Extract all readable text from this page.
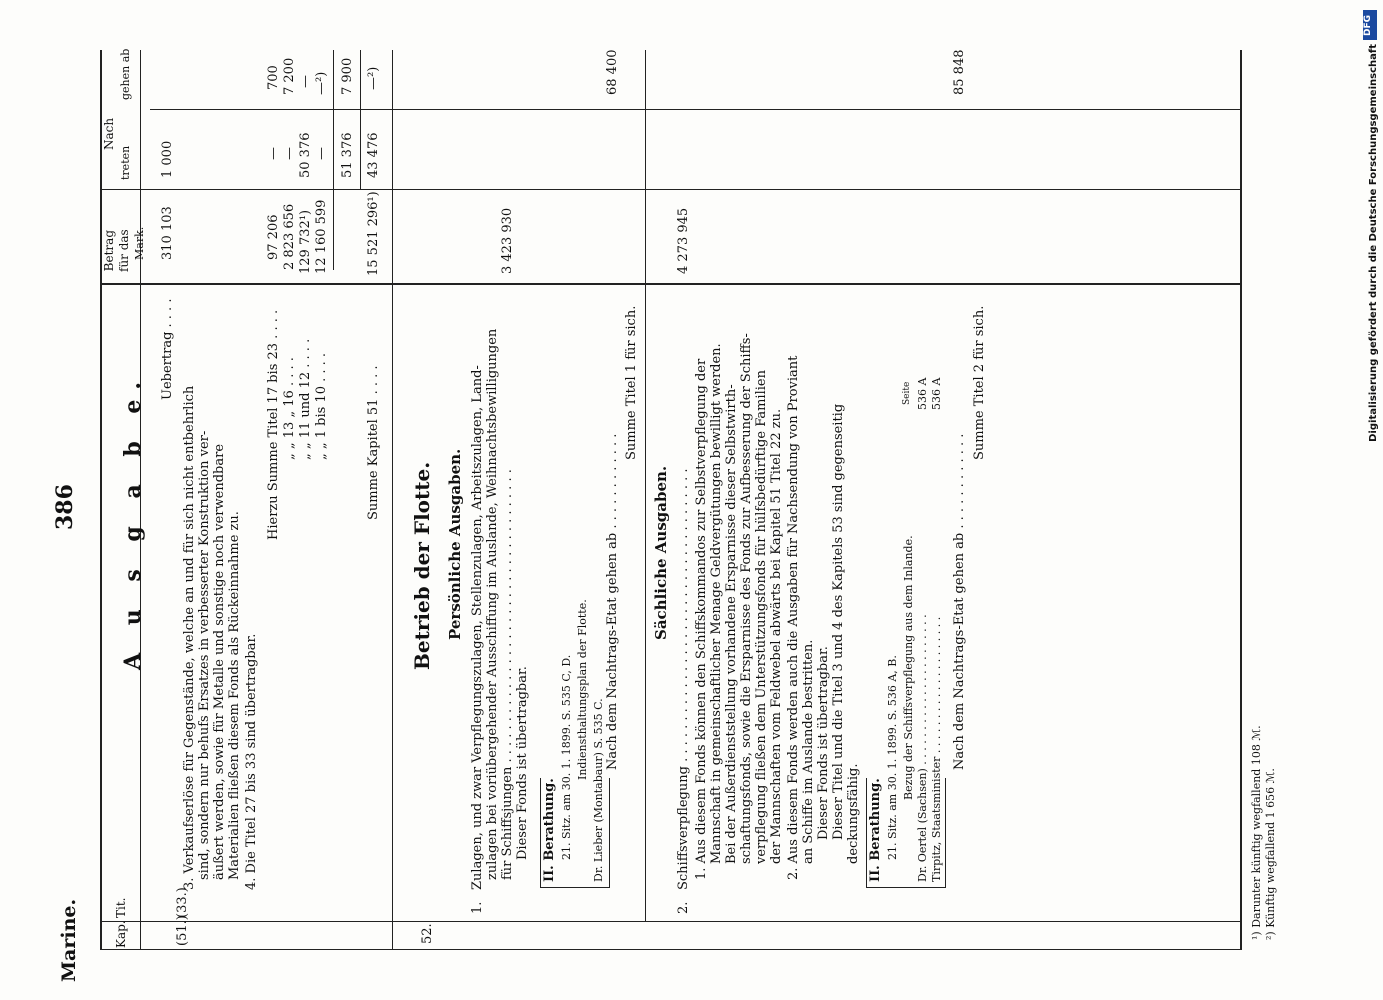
Marine.
386
Kap.
Tit.
Betrag für das Mark.
Nach
treten
gehen ab
A u s g a b e.
(51.)
(33.)
Uebertrag . . . .
310 103
1 000
3. Verkaufserlöse für Gegenstände, welche an und für sich nicht entbehrlich sind, sondern nur behufs Ersatzes in verbesserter Konstruktion ver- äußert werden, sowie für Metalle und sonstige noch verwendbare Materialien fließen diesem Fonds als Rückeinnahme zu. 4. Die Titel 27 bis 33 sind übertragbar.
Hierzu Summe Titel 17 bis 23 . . . .
97 206
—
700
„ „ 13 „ 16 . . . .
2 823 656
—
7 200
„ „ 11 und 12 . . . .
129 732¹)
50 376
—
„ „ 1 bis 10 . . . .
12 160 599
—
—²)
51 376
7 900
Summe Kapitel 51 . . . .
15 521 296¹)
43 476
—²)
52.
Betrieb der Flotte. Persönliche Ausgaben.
1.
Zulagen, und zwar Verpflegungszulagen, Stellenzulagen, Arbeitszulagen, Land- zulagen bei voriübergehender Ausschiffung im Auslande, Weihnachtsbewilligungen für Schiffsjungen . . . . . . . . . . . . . . . . . . . . . . . . . . . . . . . . . . . . Dieser Fonds ist übertragbar.
3 423 930
II. Berathung. 21. Sitz. am 30. 1. 1899. S. 535 C, D. Indiensthaltungsplan der Flotte.
Dr. Lieber (Montabaur) S. 535 C.
Nach dem Nachtrags-Etat gehen ab . . . . . . . . . . . .
68 400
Summe Titel 1 für sich.
Sächliche Ausgaben.
2.
Schiffsverpflegung . . . . . . . . . . . . . . . . . . . . . . . . . . . . . . . . . . . .
4 273 945
1. Aus diesem Fonds können den Schiffskommandos zur Selbstverpflegung der Mannschaft in gemeinschaftlicher Menage Geldvergütungen bewilligt werden. Bei der Außerdienststellung vorhandene Ersparnisse dieser Selbstwirth- schaftungsfonds, sowie die Ersparnisse des Fonds zur Aufbesserung der Schiffs- verpflegung fließen dem Unterstützungsfonds für hülfsbedürftige Familien der Mannschaften vom Feldwebel abwärts bei Kapitel 51 Titel 22 zu. 2. Aus diesem Fonds werden auch die Ausgaben für Nachsendung von Proviant an Schiffe im Auslande bestritten. Dieser Fonds ist übertragbar. Dieser Titel und die Titel 3 und 4 des Kapitels 53 sind gegenseitig deckungsfähig. II. Berathung. 21. Sitz. am 30. 1. 1899. S. 536 A, B. Bezug der Schiffsverpflegung aus dem Inlande.
Seite
Dr. Oertel (Sachsen) . . . . . . . . . . . . . . . . . . . . . .
536 A
Tirpitz, Staatsminister . . . . . . . . . . . . . . . . . . . .
536 A
Nach dem Nachtrags-Etat gehen ab . . . . . . . . . . . .
85 848
Summe Titel 2 für sich.
¹) Darunter künftig wegfallend 108 ℳ. ²) Künftig wegfallend 1 656 ℳ.
DFG
Digitalisierung gefördert durch die Deutsche Forschungsgemeinschaft
